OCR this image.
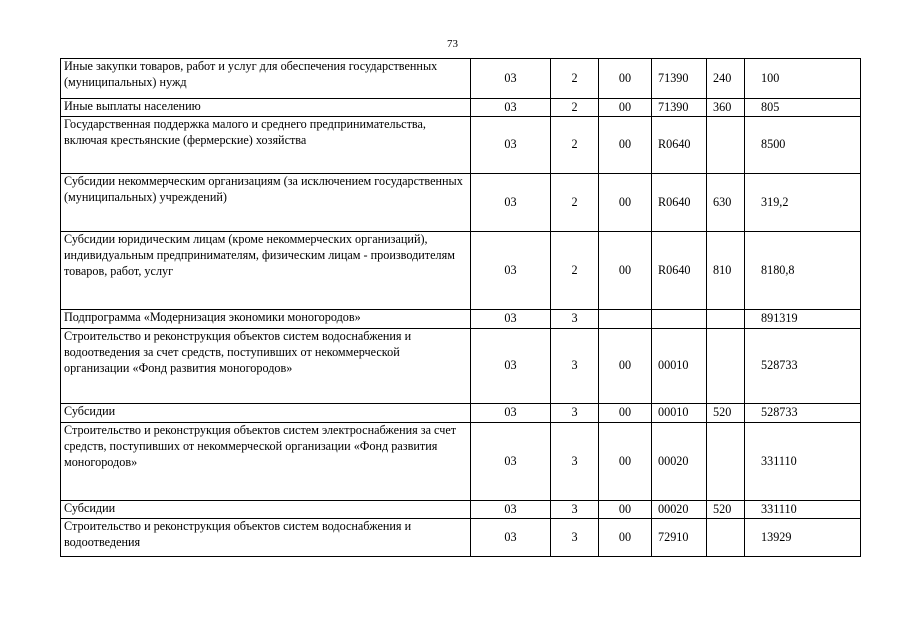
73
Иные закупки товаров, работ и услуг для обеспечения государственных (муниципальных) нужд	03	2	00	71390	240	100
Иные выплаты населению	03	2	00	71390	360	805
Государственная поддержка малого и среднего предпринимательства, включая крестьянские (фермерские) хозяйства	03	2	00	R0640		8500
Субсидии некоммерческим организациям (за исключением государственных (муниципальных) учреждений)	03	2	00	R0640	630	319,2
Субсидии юридическим лицам (кроме некоммерческих организаций), индивидуальным предпринимателям, физическим лицам - производителям товаров, работ, услуг	03	2	00	R0640	810	8180,8
Подпрограмма «Модернизация экономики моногородов»	03	3				891319
Строительство и реконструкция объектов систем водоснабжения и водоотведения за счет средств, поступивших от некоммерческой организации «Фонд развития моногородов»	03	3	00	00010		528733
Субсидии	03	3	00	00010	520	528733
Строительство и реконструкция объектов систем электроснабжения за счет средств, поступивших от некоммерческой организации «Фонд развития моногородов»	03	3	00	00020		331110
Субсидии	03	3	00	00020	520	331110
Строительство и реконструкция объектов систем водоснабжения и водоотведения	03	3	00	72910		13929
